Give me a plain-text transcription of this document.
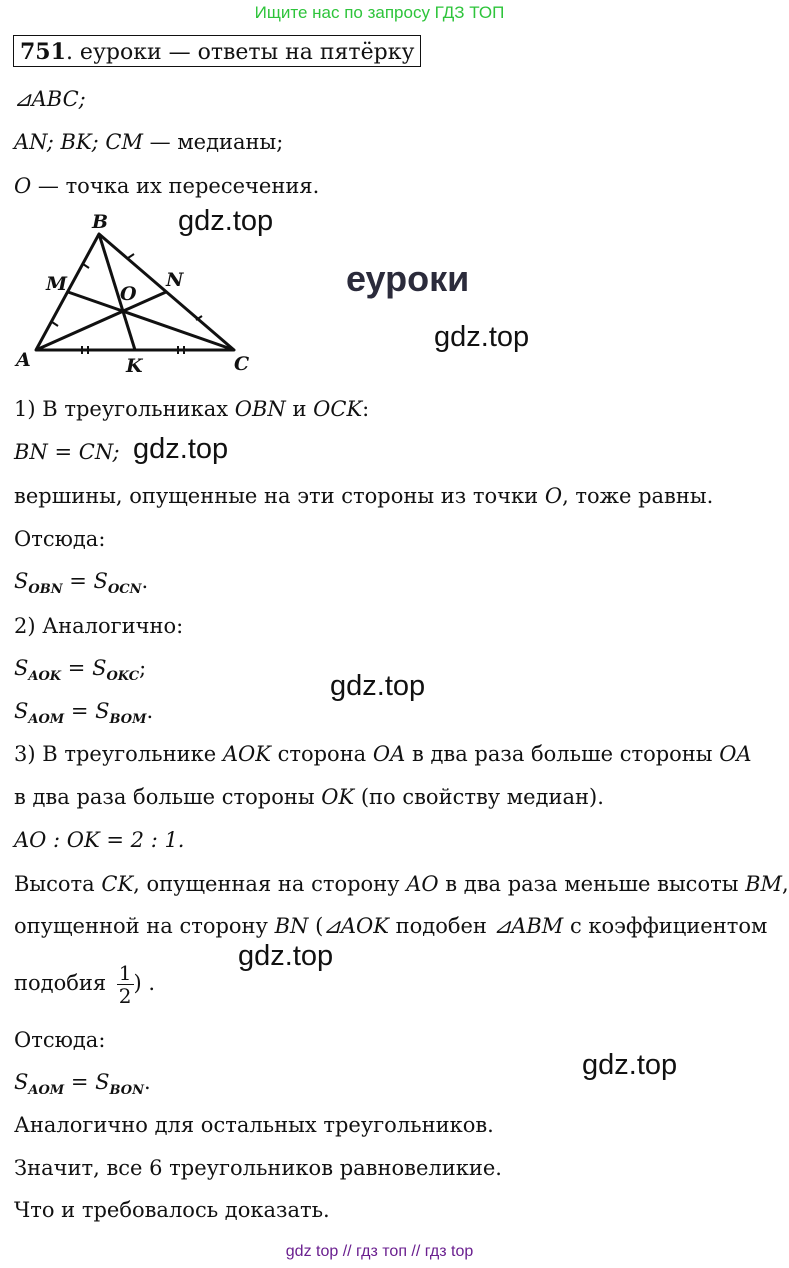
Ищите нас по запросу ГДЗ ТОП
751. еуроки — ответы на пятёрку
⊿ABC;
AN; BK; CM — медианы;
O — точка их пересечения.
B
M	N
O
A	K	C
gdz.top
еуроки
gdz.top
1) В треугольниках OBN и OCK:
BN = CN; gdz.top
вершины, опущенные на эти стороны из точки O, тоже равны.
Отсюда:
$S_{OBN} = S_{OCN}$.
2) Аналогично:
$S_{AOK} = S_{OKC}$;
gdz.top
$S_{AOM} = S_{BOM}$.
3) В треугольнике AOK сторона OA в два раза больше стороны OA
в два раза больше стороны OK (по свойству медиан).
AO : OK = 2 : 1.
Высота CK, опущенная на сторону AO в два раза меньше высоты BM,
опущенной на сторону BN (⊿AOK подобен ⊿ABM с коэффициентом
gdz.top
подобия $\frac{1}{2}$ ) .
Отсюда:
gdz.top
$S_{AOM} = S_{BON}$.
Аналогично для остальных треугольников.
Значит, все 6 треугольников равновеликие.
Что и требовалось доказать.
gdz top // гдз топ // гдз top
